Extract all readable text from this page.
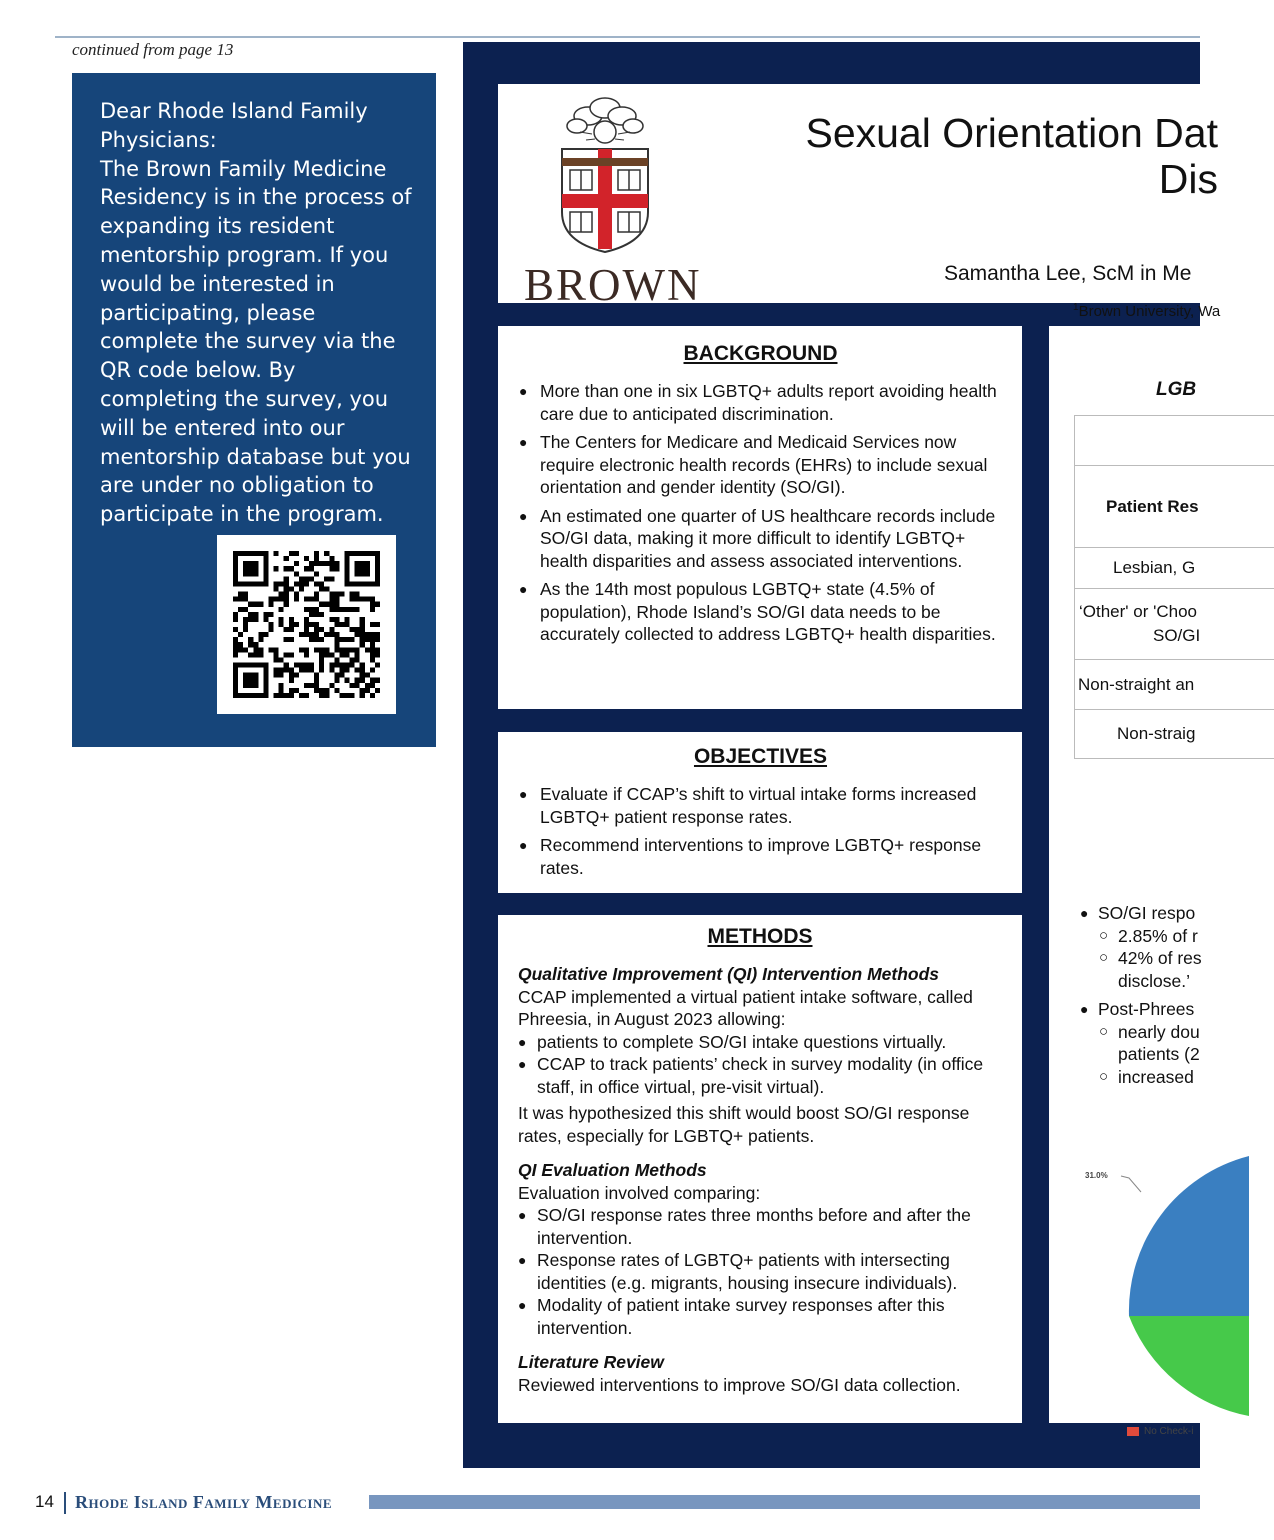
continued from page 13
Dear Rhode Island Family Physicians:
The Brown Family Medicine Residency is in the process of expanding its resident mentorship program. If you would be interested in participating, please complete the survey via the QR code below. By completing the survey, you will be entered into our mentorship database but you are under no obligation to participate in the program.
BROWN
Sexual Orientation Dat
Dis
Samantha Lee, ScM in Me
$^1$Brown University, Wa
BACKGROUND
● More than one in six LGBTQ+ adults report avoiding health care due to anticipated discrimination.
● The Centers for Medicare and Medicaid Services now require electronic health records (EHRs) to include sexual orientation and gender identity (SO/GI).
● An estimated one quarter of US healthcare records include SO/GI data, making it more difficult to identify LGBTQ+ health disparities and assess associated interventions.
● As the 14th most populous LGBTQ+ state (4.5% of population), Rhode Island’s SO/GI data needs to be accurately collected to address LGBTQ+ health disparities.
OBJECTIVES
● Evaluate if CCAP’s shift to virtual intake forms increased LGBTQ+ patient response rates.
● Recommend interventions to improve LGBTQ+ response rates.
METHODS
Qualitative Improvement (QI) Intervention Methods
CCAP implemented a virtual patient intake software, called Phreesia, in August 2023 allowing:
● patients to complete SO/GI intake questions virtually.
● CCAP to track patients’ check in survey modality (in office staff, in office virtual, pre-visit virtual).
It was hypothesized this shift would boost SO/GI response rates, especially for LGBTQ+ patients.
QI Evaluation Methods
Evaluation involved comparing:
● SO/GI response rates three months before and after the intervention.
● Response rates of LGBTQ+ patients with intersecting identities (e.g. migrants, housing insecure individuals).
● Modality of patient intake survey responses after this intervention.
Literature Review
Reviewed interventions to improve SO/GI data collection.
LGB
Patient Res
Lesbian, G
‘Other' or 'Choo
SO/GI
Non-straight an
Non-straig
● SO/GI respo
○ 2.85% of r
○ 42% of res
disclose.’
● Post-Phrees
○ nearly dou
patients (2
○ increased
31.0%
No Check-i
14 Rhode Island Family Medicine
